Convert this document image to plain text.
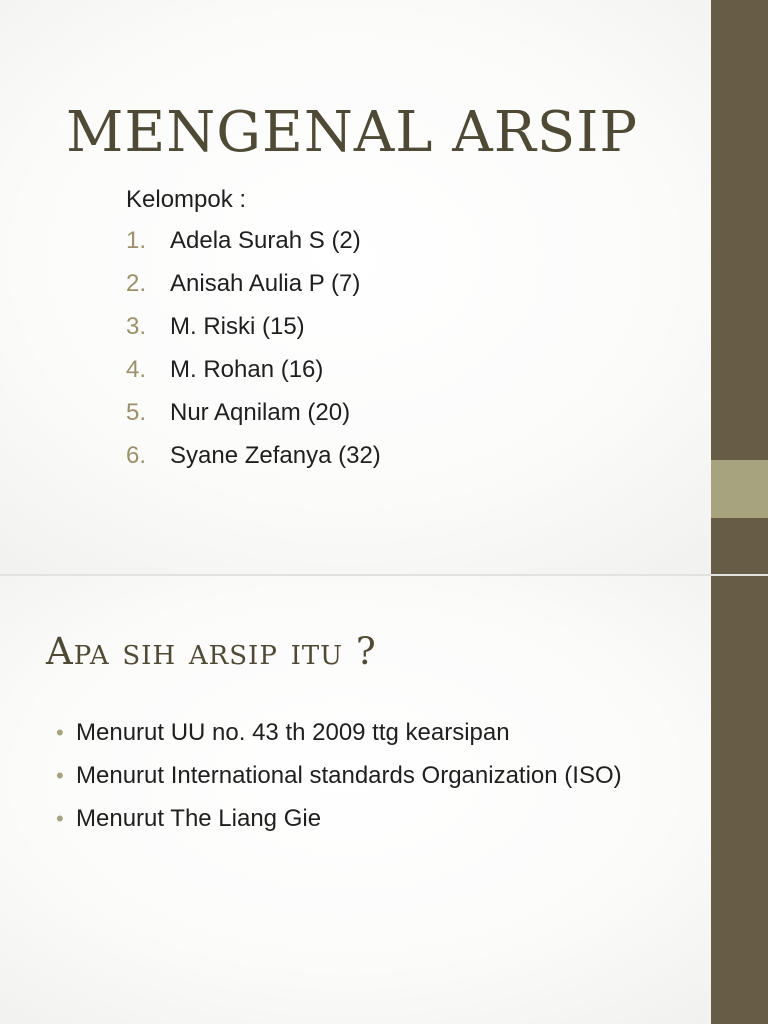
MENGENAL ARSIP
Kelompok :
1. Adela Surah S (2)
2. Anisah Aulia P (7)
3. M. Riski (15)
4. M. Rohan (16)
5. Nur Aqnilam (20)
6. Syane Zefanya (32)
Apa sih arsip itu ?
• Menurut UU no. 43 th 2009 ttg kearsipan
• Menurut International standards Organization (ISO)
• Menurut The Liang Gie
